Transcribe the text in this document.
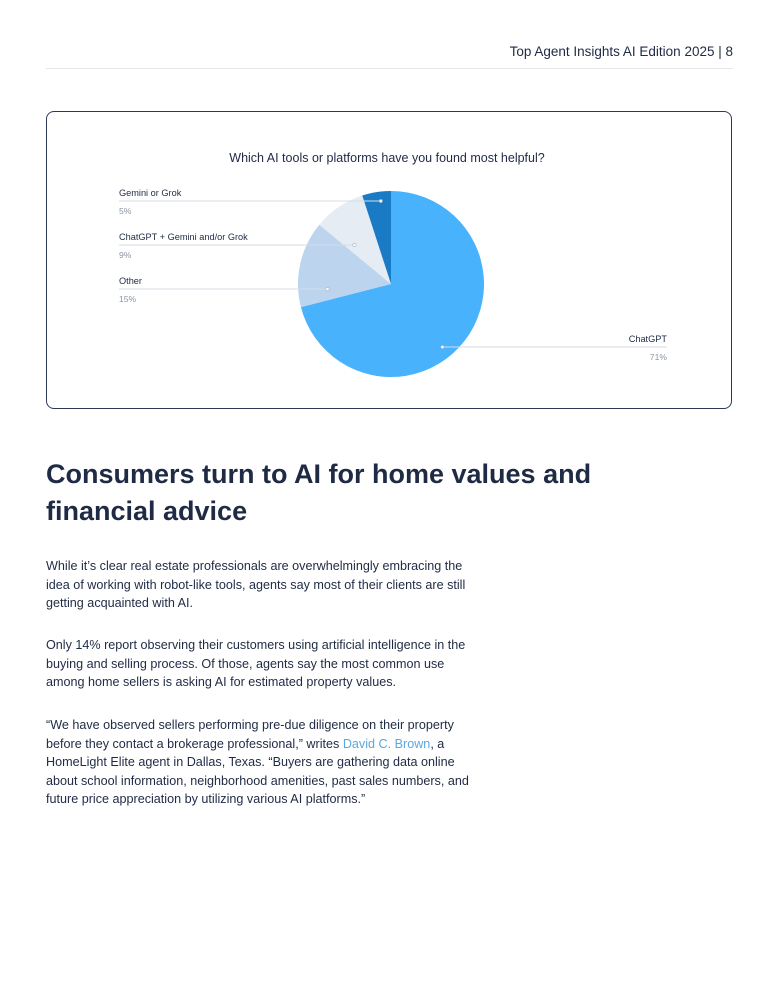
Top Agent Insights AI Edition 2025 | 8
Which AI tools or platforms have you found most helpful?
ChatGPT
71%
Other
15%
ChatGPT + Gemini and/or Grok
9%
Gemini or Grok
5%
Consumers turn to AI for home values and financial advice

While it’s clear real estate professionals are overwhelmingly embracing the idea of working with robot-like tools, agents say most of their clients are still getting acquainted with AI.

Only 14% report observing their customers using artificial intelligence in the buying and selling process. Of those, agents say the most common use among home sellers is asking AI for estimated property values.

“We have observed sellers performing pre-due diligence on their property before they contact a brokerage professional,” writes David C. Brown, a HomeLight Elite agent in Dallas, Texas. “Buyers are gathering data online about school information, neighborhood amenities, past sales numbers, and future price appreciation by utilizing various AI platforms.”
